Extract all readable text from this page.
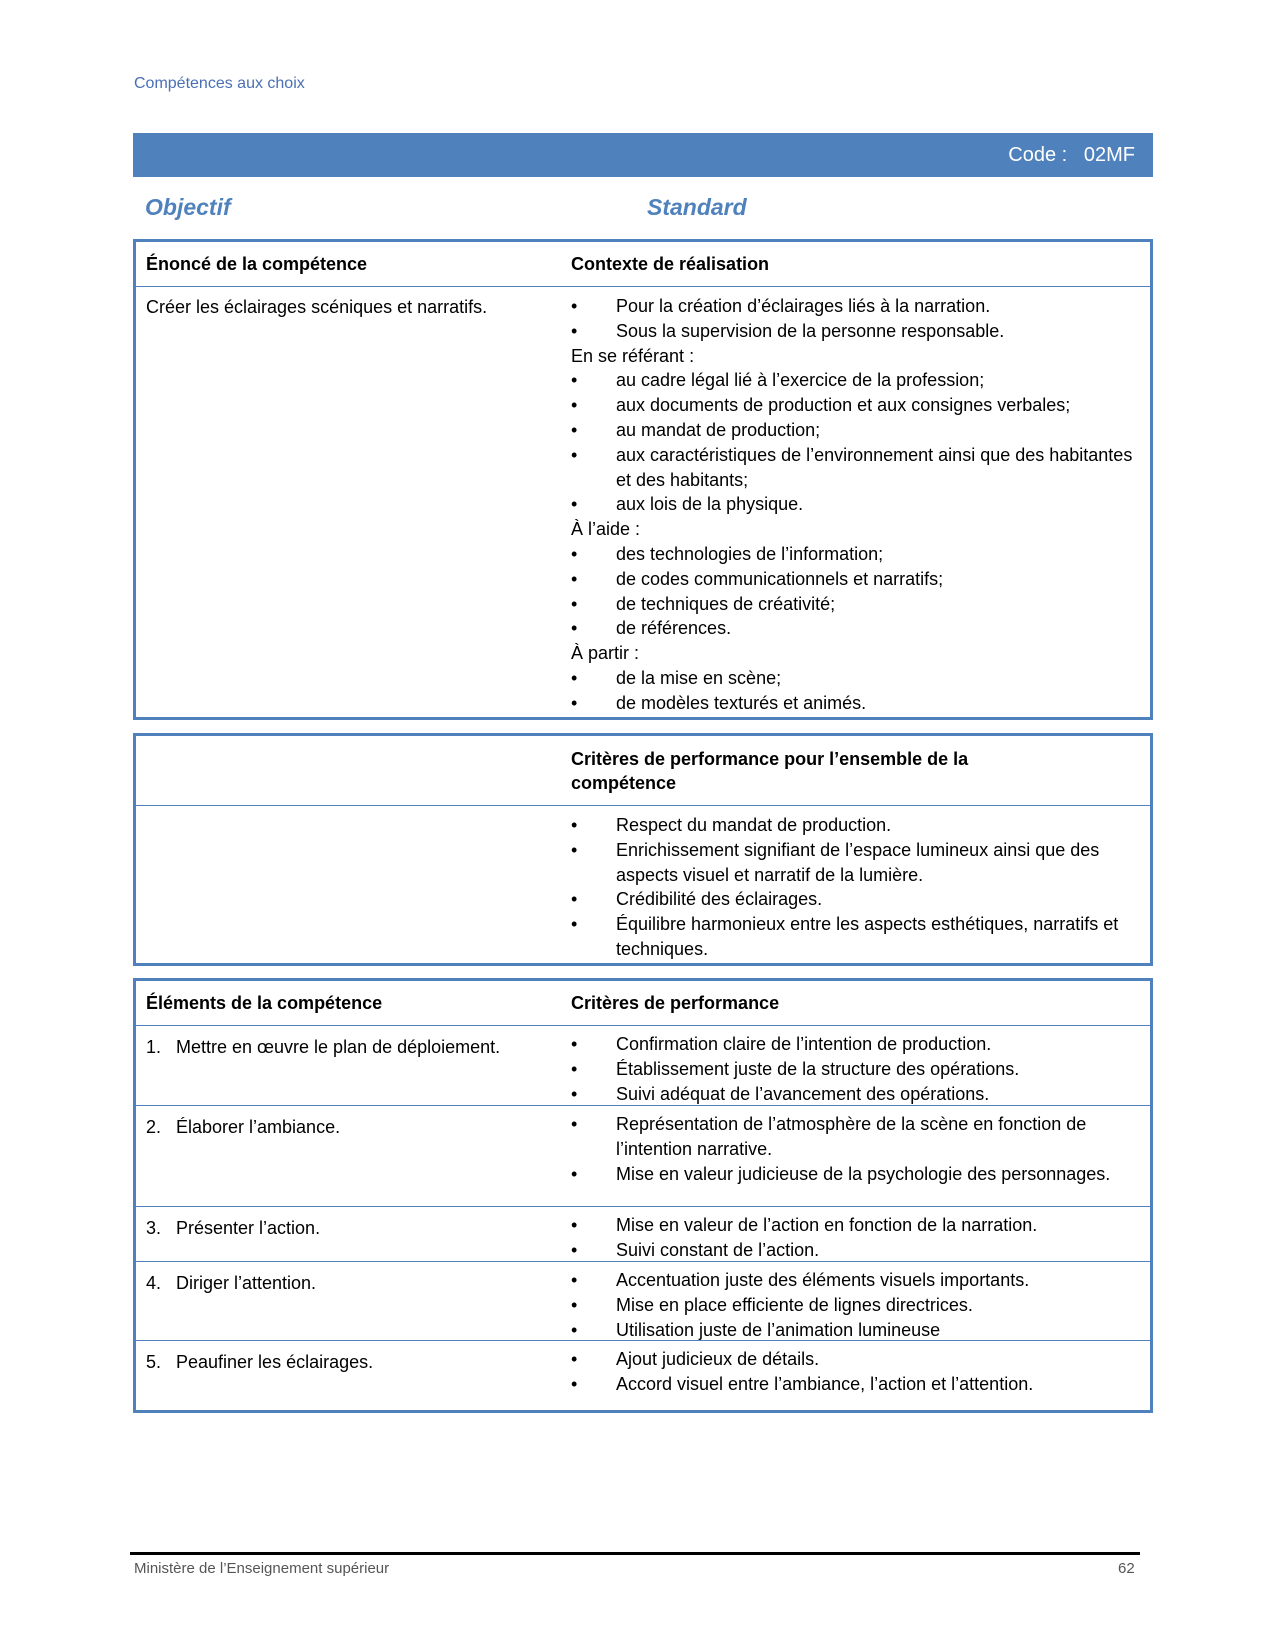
Compétences aux choix
Code : 02MF
Objectif	Standard
Énoncé de la compétence	Contexte de réalisation
Créer les éclairages scéniques et narratifs.	•	Pour la création d’éclairages liés à la narration.
•	Sous la supervision de la personne responsable.
En se référant :
•	au cadre légal lié à l’exercice de la profession;
•	aux documents de production et aux consignes verbales;
•	au mandat de production;
•	aux caractéristiques de l’environnement ainsi que des habitantes et des habitants;
•	aux lois de la physique.
À l’aide :
•	des technologies de l’information;
•	de codes communicationnels et narratifs;
•	de techniques de créativité;
•	de références.
À partir :
•	de la mise en scène;
•	de modèles texturés et animés.
Critères de performance pour l’ensemble de la compétence
•	Respect du mandat de production.
•	Enrichissement signifiant de l’espace lumineux ainsi que des aspects visuel et narratif de la lumière.
•	Crédibilité des éclairages.
•	Équilibre harmonieux entre les aspects esthétiques, narratifs et techniques.
Éléments de la compétence	Critères de performance
1. Mettre en œuvre le plan de déploiement.	•	Confirmation claire de l’intention de production.
•	Établissement juste de la structure des opérations.
•	Suivi adéquat de l’avancement des opérations.
2. Élaborer l’ambiance.	•	Représentation de l’atmosphère de la scène en fonction de l’intention narrative.
•	Mise en valeur judicieuse de la psychologie des personnages.
3. Présenter l’action.	•	Mise en valeur de l’action en fonction de la narration.
•	Suivi constant de l’action.
4. Diriger l’attention.	•	Accentuation juste des éléments visuels importants.
•	Mise en place efficiente de lignes directrices.
•	Utilisation juste de l’animation lumineuse
5. Peaufiner les éclairages.	•	Ajout judicieux de détails.
•	Accord visuel entre l’ambiance, l’action et l’attention.
Ministère de l’Enseignement supérieur	62
